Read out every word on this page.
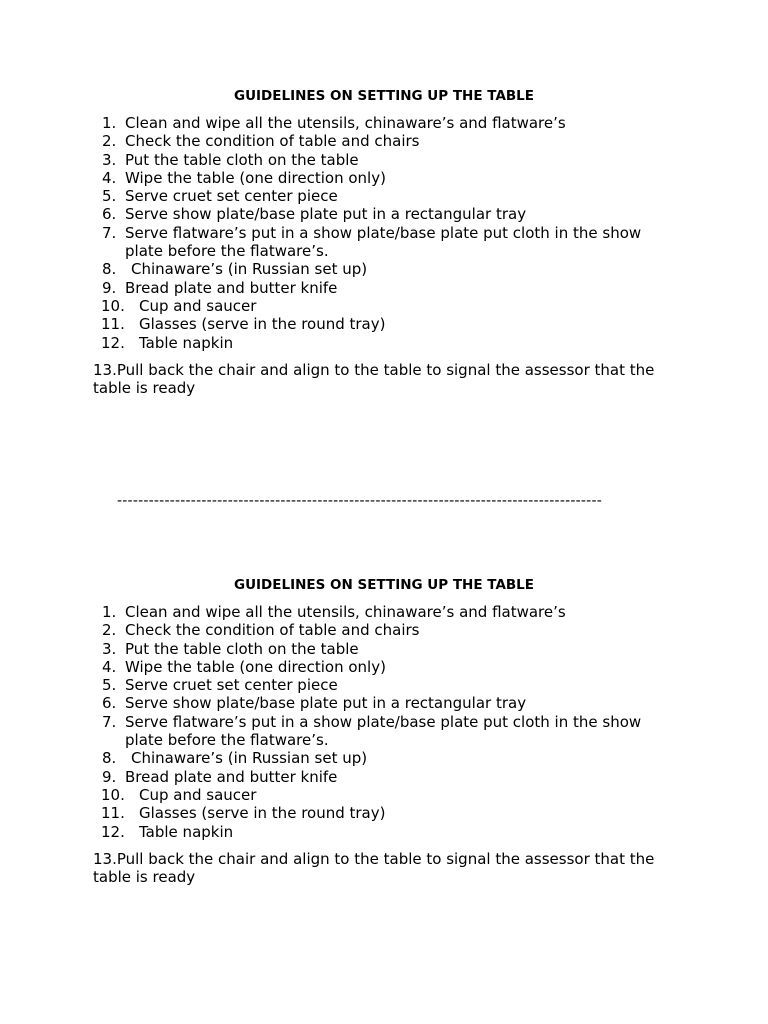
GUIDELINES ON SETTING UP THE TABLE
1. Clean and wipe all the utensils, chinaware’s and flatware’s
2. Check the condition of table and chairs
3. Put the table cloth on the table
4. Wipe the table (one direction only)
5. Serve cruet set center piece
6. Serve show plate/base plate put in a rectangular tray
7. Serve flatware’s put in a show plate/base plate put cloth in the show plate before the flatware’s.
8. Chinaware’s (in Russian set up)
9. Bread plate and butter knife
10. Cup and saucer
11. Glasses (serve in the round tray)
12. Table napkin
13.Pull back the chair and align to the table to signal the assessor that the table is ready
--------------------------------------------------------------------------------------------
GUIDELINES ON SETTING UP THE TABLE
1. Clean and wipe all the utensils, chinaware’s and flatware’s
2. Check the condition of table and chairs
3. Put the table cloth on the table
4. Wipe the table (one direction only)
5. Serve cruet set center piece
6. Serve show plate/base plate put in a rectangular tray
7. Serve flatware’s put in a show plate/base plate put cloth in the show plate before the flatware’s.
8. Chinaware’s (in Russian set up)
9. Bread plate and butter knife
10. Cup and saucer
11. Glasses (serve in the round tray)
12. Table napkin
13.Pull back the chair and align to the table to signal the assessor that the table is ready
